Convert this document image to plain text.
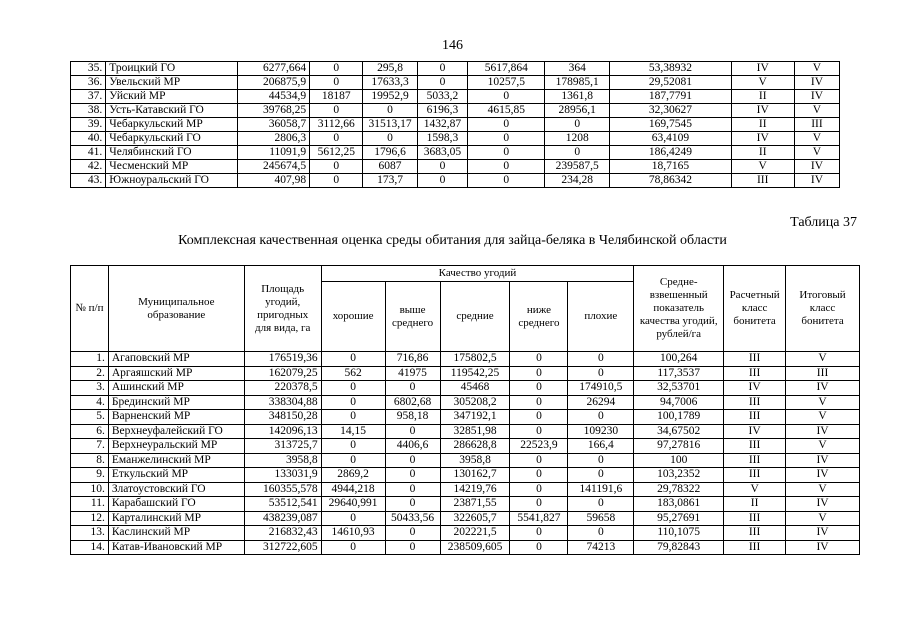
146
35.	Троицкий ГО	6277,664	0	295,8	0	5617,864	364	53,38932	IV	V
36.	Увельский МР	206875,9	0	17633,3	0	10257,5	178985,1	29,52081	V	IV
37.	Уйский МР	44534,9	18187	19952,9	5033,2	0	1361,8	187,7791	II	IV
38.	Усть-Катавский ГО	39768,25	0	0	6196,3	4615,85	28956,1	32,30627	IV	V
39.	Чебаркульский МР	36058,7	3112,66	31513,17	1432,87	0	0	169,7545	II	III
40.	Чебаркульский ГО	2806,3	0	0	1598,3	0	1208	63,4109	IV	V
41.	Челябинский ГО	11091,9	5612,25	1796,6	3683,05	0	0	186,4249	II	V
42.	Чесменский МР	245674,5	0	6087	0	0	239587,5	18,7165	V	IV
43.	Южноуральский ГО	407,98	0	173,7	0	0	234,28	78,86342	III	IV
Таблица 37
Комплексная качественная оценка среды обитания для зайца-беляка в Челябинской области
№ п/п	Муниципальное образование	Площадь угодий, пригодных для вида, га	Качество угодий					Средне-взвешенный показатель качества угодий, рублей/га	Расчетный класс бонитета	Итоговый класс бонитета
			хорошие	выше среднего	средние	ниже среднего	плохие			
1.	Агаповский МР	176519,36	0	716,86	175802,5	0	0	100,264	III	V
2.	Аргаяшский МР	162079,25	562	41975	119542,25	0	0	117,3537	III	III
3.	Ашинский МР	220378,5	0	0	45468	0	174910,5	32,53701	IV	IV
4.	Брединский МР	338304,88	0	6802,68	305208,2	0	26294	94,7006	III	V
5.	Варненский МР	348150,28	0	958,18	347192,1	0	0	100,1789	III	V
6.	Верхнеуфалейский ГО	142096,13	14,15	0	32851,98	0	109230	34,67502	IV	IV
7.	Верхнеуральский МР	313725,7	0	4406,6	286628,8	22523,9	166,4	97,27816	III	V
8.	Еманжелинский МР	3958,8	0	0	3958,8	0	0	100	III	IV
9.	Еткульский МР	133031,9	2869,2	0	130162,7	0	0	103,2352	III	IV
10.	Златоустовский ГО	160355,578	4944,218	0	14219,76	0	141191,6	29,78322	V	V
11.	Карабашский ГО	53512,541	29640,991	0	23871,55	0	0	183,0861	II	IV
12.	Карталинский МР	438239,087	0	50433,56	322605,7	5541,827	59658	95,27691	III	V
13.	Каслинский МР	216832,43	14610,93	0	202221,5	0	0	110,1075	III	IV
14.	Катав-Ивановский МР	312722,605	0	0	238509,605	0	74213	79,82843	III	IV
